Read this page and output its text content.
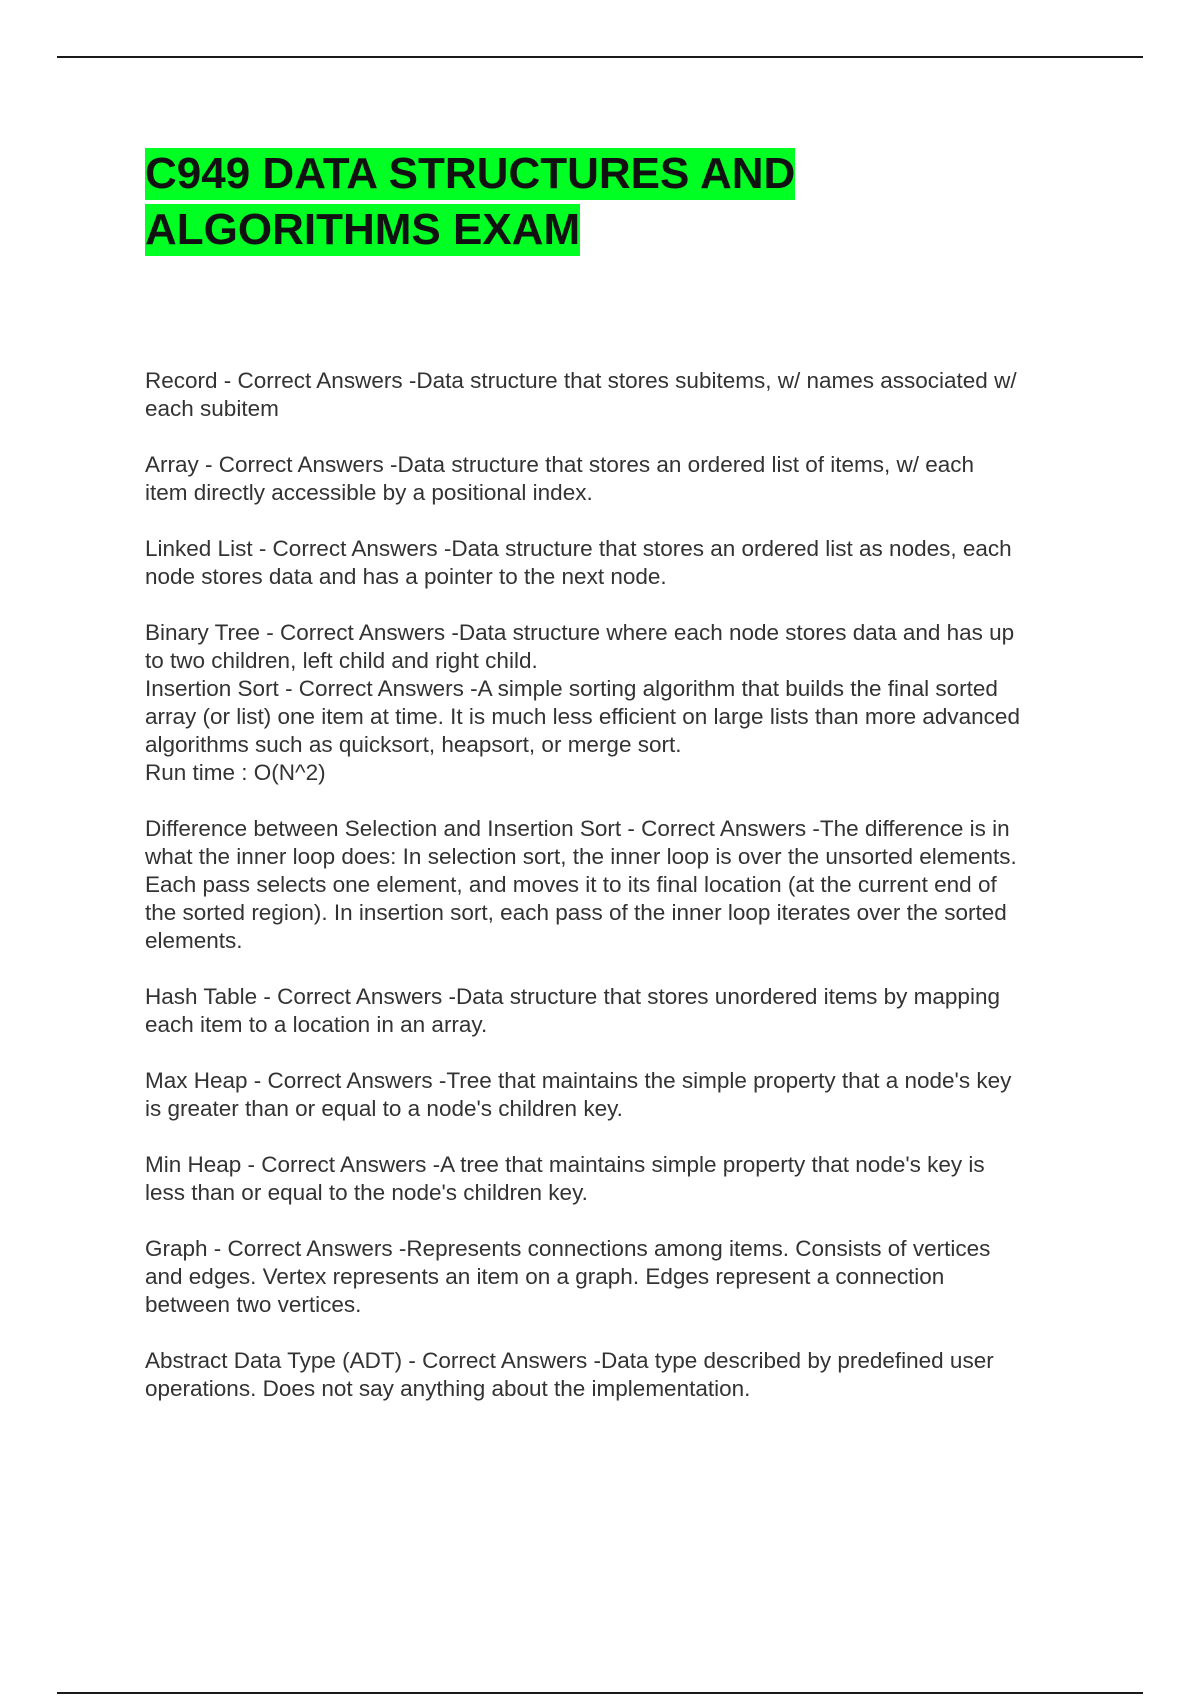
C949 DATA STRUCTURES AND
ALGORITHMS EXAM

Record - Correct Answers -Data structure that stores subitems, w/ names associated w/
each subitem

Array - Correct Answers -Data structure that stores an ordered list of items, w/ each
item directly accessible by a positional index.

Linked List - Correct Answers -Data structure that stores an ordered list as nodes, each
node stores data and has a pointer to the next node.

Binary Tree - Correct Answers -Data structure where each node stores data and has up
to two children, left child and right child.

Insertion Sort - Correct Answers -A simple sorting algorithm that builds the final sorted
array (or list) one item at time. It is much less efficient on large lists than more advanced
algorithms such as quicksort, heapsort, or merge sort.
Run time : O(N^2)

Difference between Selection and Insertion Sort - Correct Answers -The difference is in
what the inner loop does: In selection sort, the inner loop is over the unsorted elements.
Each pass selects one element, and moves it to its final location (at the current end of
the sorted region). In insertion sort, each pass of the inner loop iterates over the sorted
elements.

Hash Table - Correct Answers -Data structure that stores unordered items by mapping
each item to a location in an array.

Max Heap - Correct Answers -Tree that maintains the simple property that a node's key
is greater than or equal to a node's children key.

Min Heap - Correct Answers -A tree that maintains simple property that node's key is
less than or equal to the node's children key.

Graph - Correct Answers -Represents connections among items. Consists of vertices
and edges. Vertex represents an item on a graph. Edges represent a connection
between two vertices.

Abstract Data Type (ADT) - Correct Answers -Data type described by predefined user
operations. Does not say anything about the implementation.
